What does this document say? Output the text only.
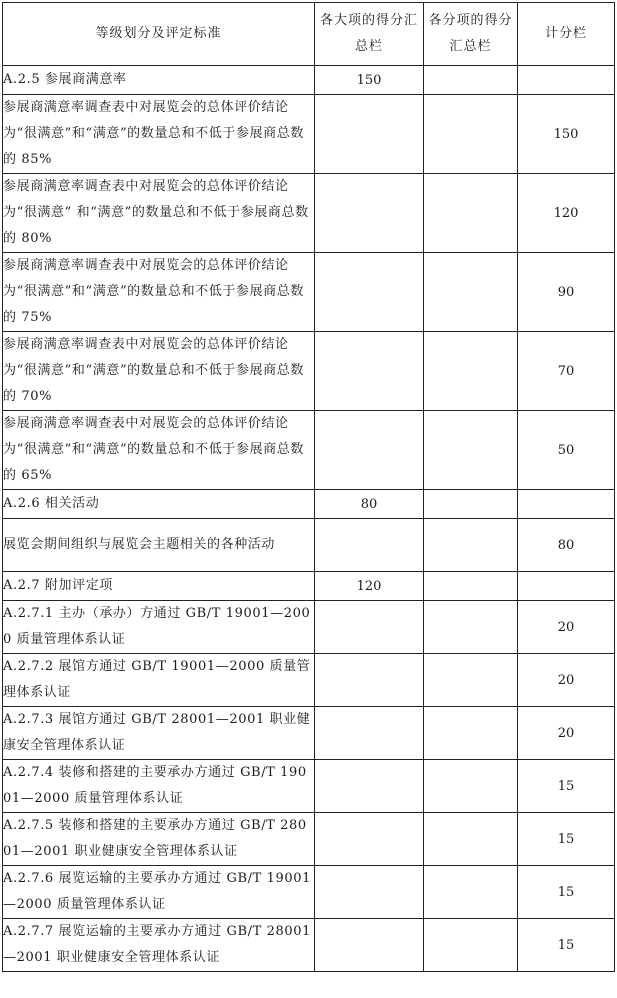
等级划分及评定标准	各大项的得分汇总栏	各分项的得分汇总栏	计分栏
A.2.5 参展商满意率	150		
参展商满意率调查表中对展览会的总体评价结论为“很满意”和“满意”的数量总和不低于参展商总数的 85%			150
参展商满意率调查表中对展览会的总体评价结论为“很满意” 和“满意”的数量总和不低于参展商总数的 80%			120
参展商满意率调查表中对展览会的总体评价结论为“很满意”和“满意”的数量总和不低于参展商总数的 75%			90
参展商满意率调查表中对展览会的总体评价结论为“很满意”和“满意”的数量总和不低于参展商总数的 70%			70
参展商满意率调查表中对展览会的总体评价结论为“很满意”和“满意”的数量总和不低于参展商总数的 65%			50
A.2.6 相关活动	80		
展览会期间组织与展览会主题相关的各种活动			80
A.2.7 附加评定项	120		
A.2.7.1 主办（承办）方通过 GB/T 19001—2000 质量管理体系认证			20
A.2.7.2 展馆方通过 GB/T 19001—2000 质量管理体系认证			20
A.2.7.3 展馆方通过 GB/T 28001—2001 职业健康安全管理体系认证			20
A.2.7.4 装修和搭建的主要承办方通过 GB/T 19001—2000 质量管理体系认证			15
A.2.7.5 装修和搭建的主要承办方通过 GB/T 28001—2001 职业健康安全管理体系认证			15
A.2.7.6 展览运输的主要承办方通过 GB/T 19001—2000 质量管理体系认证			15
A.2.7.7 展览运输的主要承办方通过 GB/T 28001—2001 职业健康安全管理体系认证			15
